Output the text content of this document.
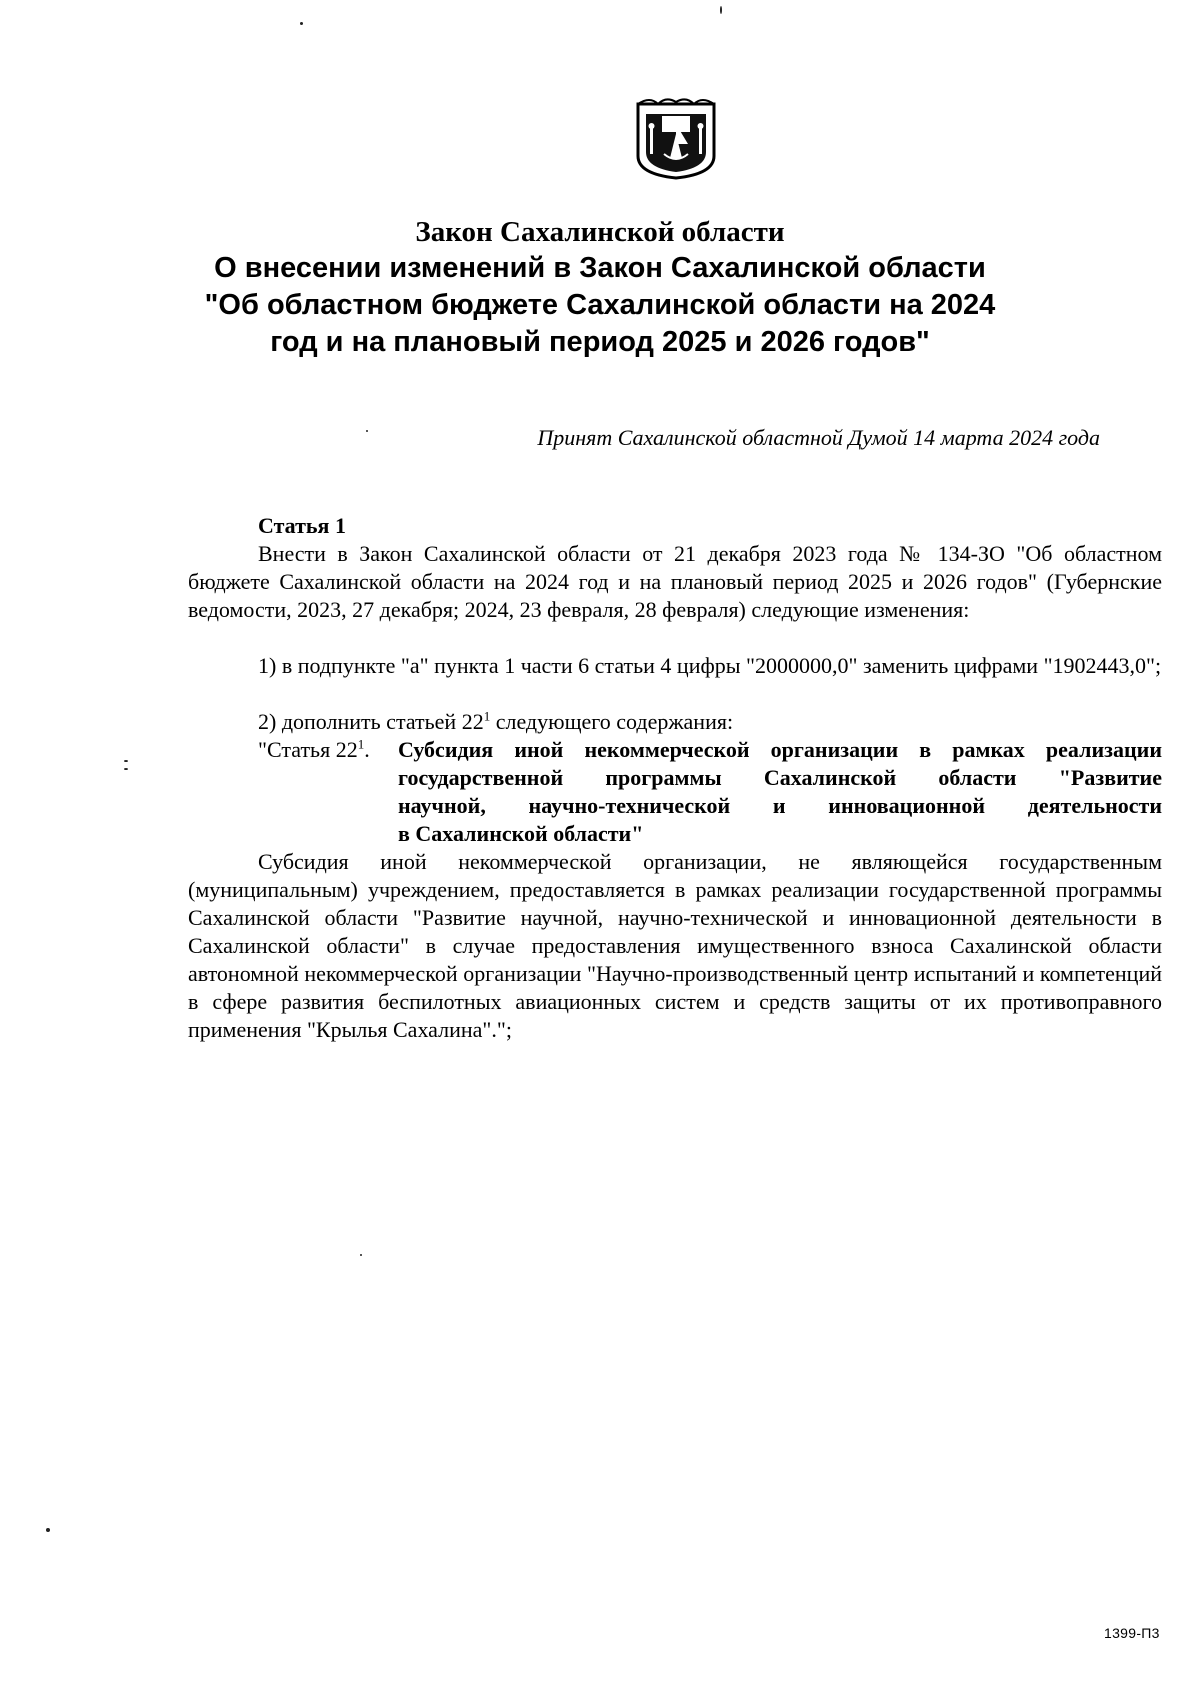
Закон Сахалинской области
О внесении изменений в Закон Сахалинской области "Об областном бюджете Сахалинской области на 2024 год и на плановый период 2025 и 2026 годов"
Принят Сахалинской областной Думой 14 марта 2024 года
Статья 1
Внести в Закон Сахалинской области от 21 декабря 2023 года № 134-ЗО "Об областном бюджете Сахалинской области на 2024 год и на плановый период 2025 и 2026 годов" (Губернские ведомости, 2023, 27 декабря; 2024, 23 февраля, 28 февраля) следующие изменения:
1) в подпункте "а" пункта 1 части 6 статьи 4 цифры "2000000,0" заменить цифрами "1902443,0";
2) дополнить статьей $22^1$ следующего содержания:
"Статья $22^1$. Субсидия иной некоммерческой организации в рамках реализации
государственной программы Сахалинской области "Развитие
научной, научно-технической и инновационной деятельности
в Сахалинской области"
Субсидия иной некоммерческой организации, не являющейся государственным (муниципальным) учреждением, предоставляется в рамках реализации государственной программы Сахалинской области "Развитие научной, научно-технической и инновационной деятельности в Сахалинской области" в случае предоставления имущественного взноса Сахалинской области автономной некоммерческой организации "Научно-производственный центр испытаний и компетенций в сфере развития беспилотных авиационных систем и средств защиты от их противоправного применения "Крылья Сахалина".";
1399-П3
